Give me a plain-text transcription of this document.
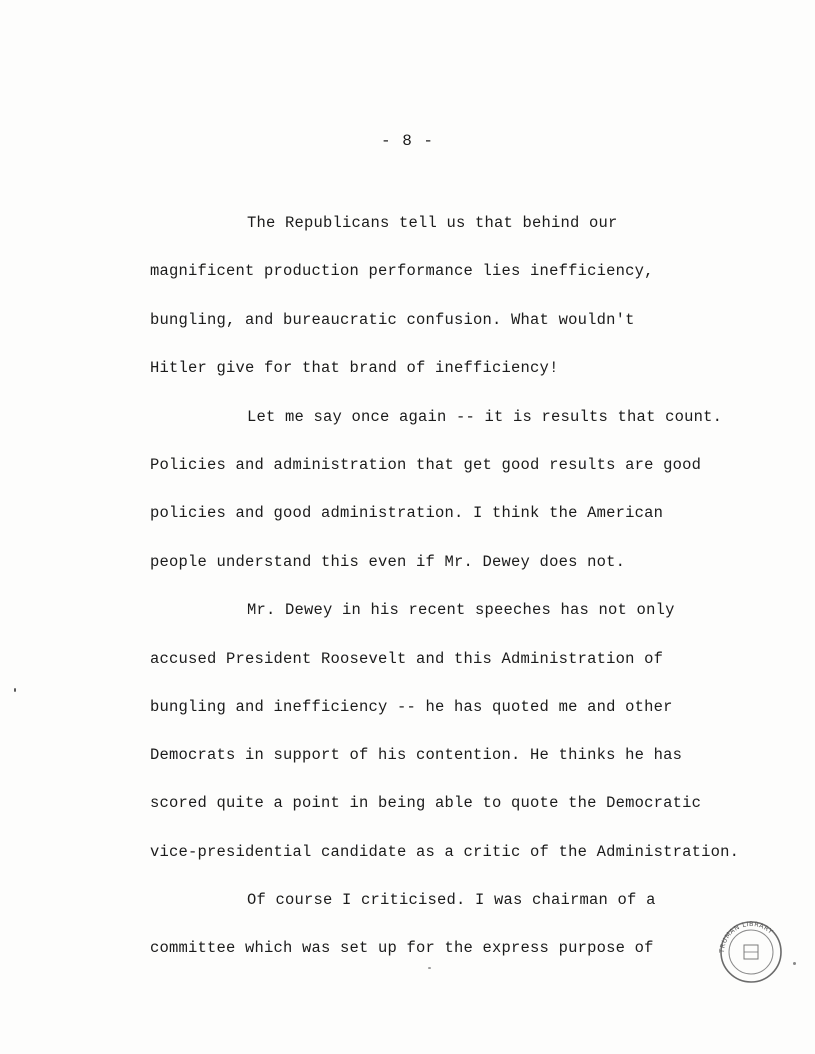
- 8 -
The Republicans tell us that behind our
magnificent production performance lies inefficiency,
bungling, and bureaucratic confusion. What wouldn't
Hitler give for that brand of inefficiency!
Let me say once again -- it is results that count.
Policies and administration that get good results are good
policies and good administration. I think the American
people understand this even if Mr. Dewey does not.
Mr. Dewey in his recent speeches has not only
accused President Roosevelt and this Administration of
bungling and inefficiency -- he has quoted me and other
Democrats in support of his contention. He thinks he has
scored quite a point in being able to quote the Democratic
vice-presidential candidate as a critic of the Administration.
Of course I criticised. I was chairman of a
committee which was set up for the express purpose of	TRUMAN LIBRARY
